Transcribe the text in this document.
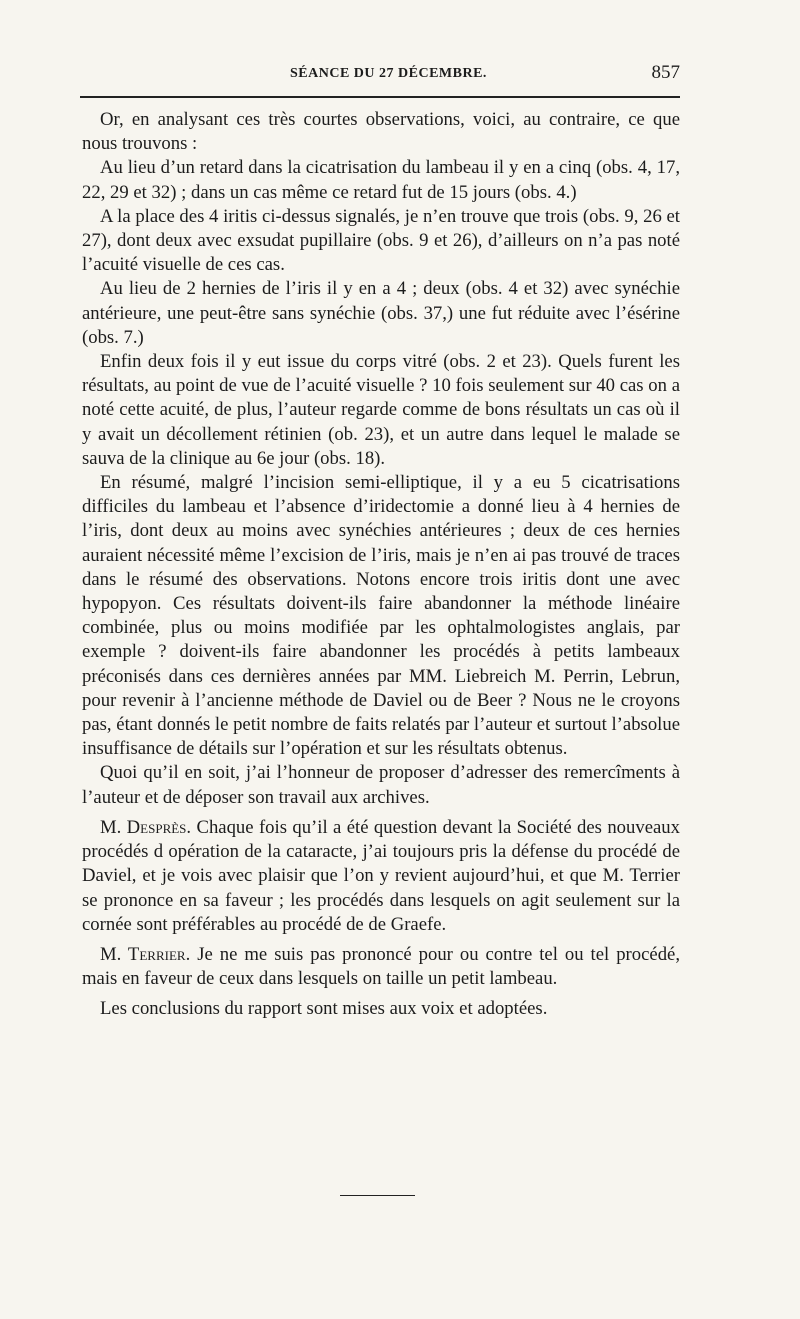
SÉANCE DU 27 DÉCEMBRE.	857

Or, en analysant ces très courtes observations, voici, au contraire, ce que nous trouvons :

Au lieu d’un retard dans la cicatrisation du lambeau il y en a cinq (obs. 4, 17, 22, 29 et 32) ; dans un cas même ce retard fut de 15 jours (obs. 4.)

A la place des 4 iritis ci-dessus signalés, je n’en trouve que trois (obs. 9, 26 et 27), dont deux avec exsudat pupillaire (obs. 9 et 26), d’ailleurs on n’a pas noté l’acuité visuelle de ces cas.

Au lieu de 2 hernies de l’iris il y en a 4 ; deux (obs. 4 et 32) avec synéchie antérieure, une peut-être sans synéchie (obs. 37,) une fut réduite avec l’ésérine (obs. 7.)

Enfin deux fois il y eut issue du corps vitré (obs. 2 et 23). Quels furent les résultats, au point de vue de l’acuité visuelle ? 10 fois seulement sur 40 cas on a noté cette acuité, de plus, l’auteur regarde comme de bons résultats un cas où il y avait un décollement rétinien (ob. 23), et un autre dans lequel le malade se sauva de la clinique au 6e jour (obs. 18).

En résumé, malgré l’incision semi-elliptique, il y a eu 5 cicatrisations difficiles du lambeau et l’absence d’iridectomie a donné lieu à 4 hernies de l’iris, dont deux au moins avec synéchies antérieures ; deux de ces hernies auraient nécessité même l’excision de l’iris, mais je n’en ai pas trouvé de traces dans le résumé des observations. Notons encore trois iritis dont une avec hypopyon. Ces résultats doivent-ils faire abandonner la méthode linéaire combinée, plus ou moins modifiée par les ophtalmologistes anglais, par exemple ? doivent-ils faire abandonner les procédés à petits lambeaux préconisés dans ces dernières années par MM. Liebreich M. Perrin, Lebrun, pour revenir à l’ancienne méthode de Daviel ou de Beer ? Nous ne le croyons pas, étant donnés le petit nombre de faits relatés par l’auteur et surtout l’absolue insuffisance de détails sur l’opération et sur les résultats obtenus.

Quoi qu’il en soit, j’ai l’honneur de proposer d’adresser des remercîments à l’auteur et de déposer son travail aux archives.

M. Desprès. Chaque fois qu’il a été question devant la Société des nouveaux procédés d opération de la cataracte, j’ai toujours pris la défense du procédé de Daviel, et je vois avec plaisir que l’on y revient aujourd’hui, et que M. Terrier se prononce en sa faveur ; les procédés dans lesquels on agit seulement sur la cornée sont préférables au procédé de de Graefe.

M. Terrier. Je ne me suis pas prononcé pour ou contre tel ou tel procédé, mais en faveur de ceux dans lesquels on taille un petit lambeau.

Les conclusions du rapport sont mises aux voix et adoptées.
